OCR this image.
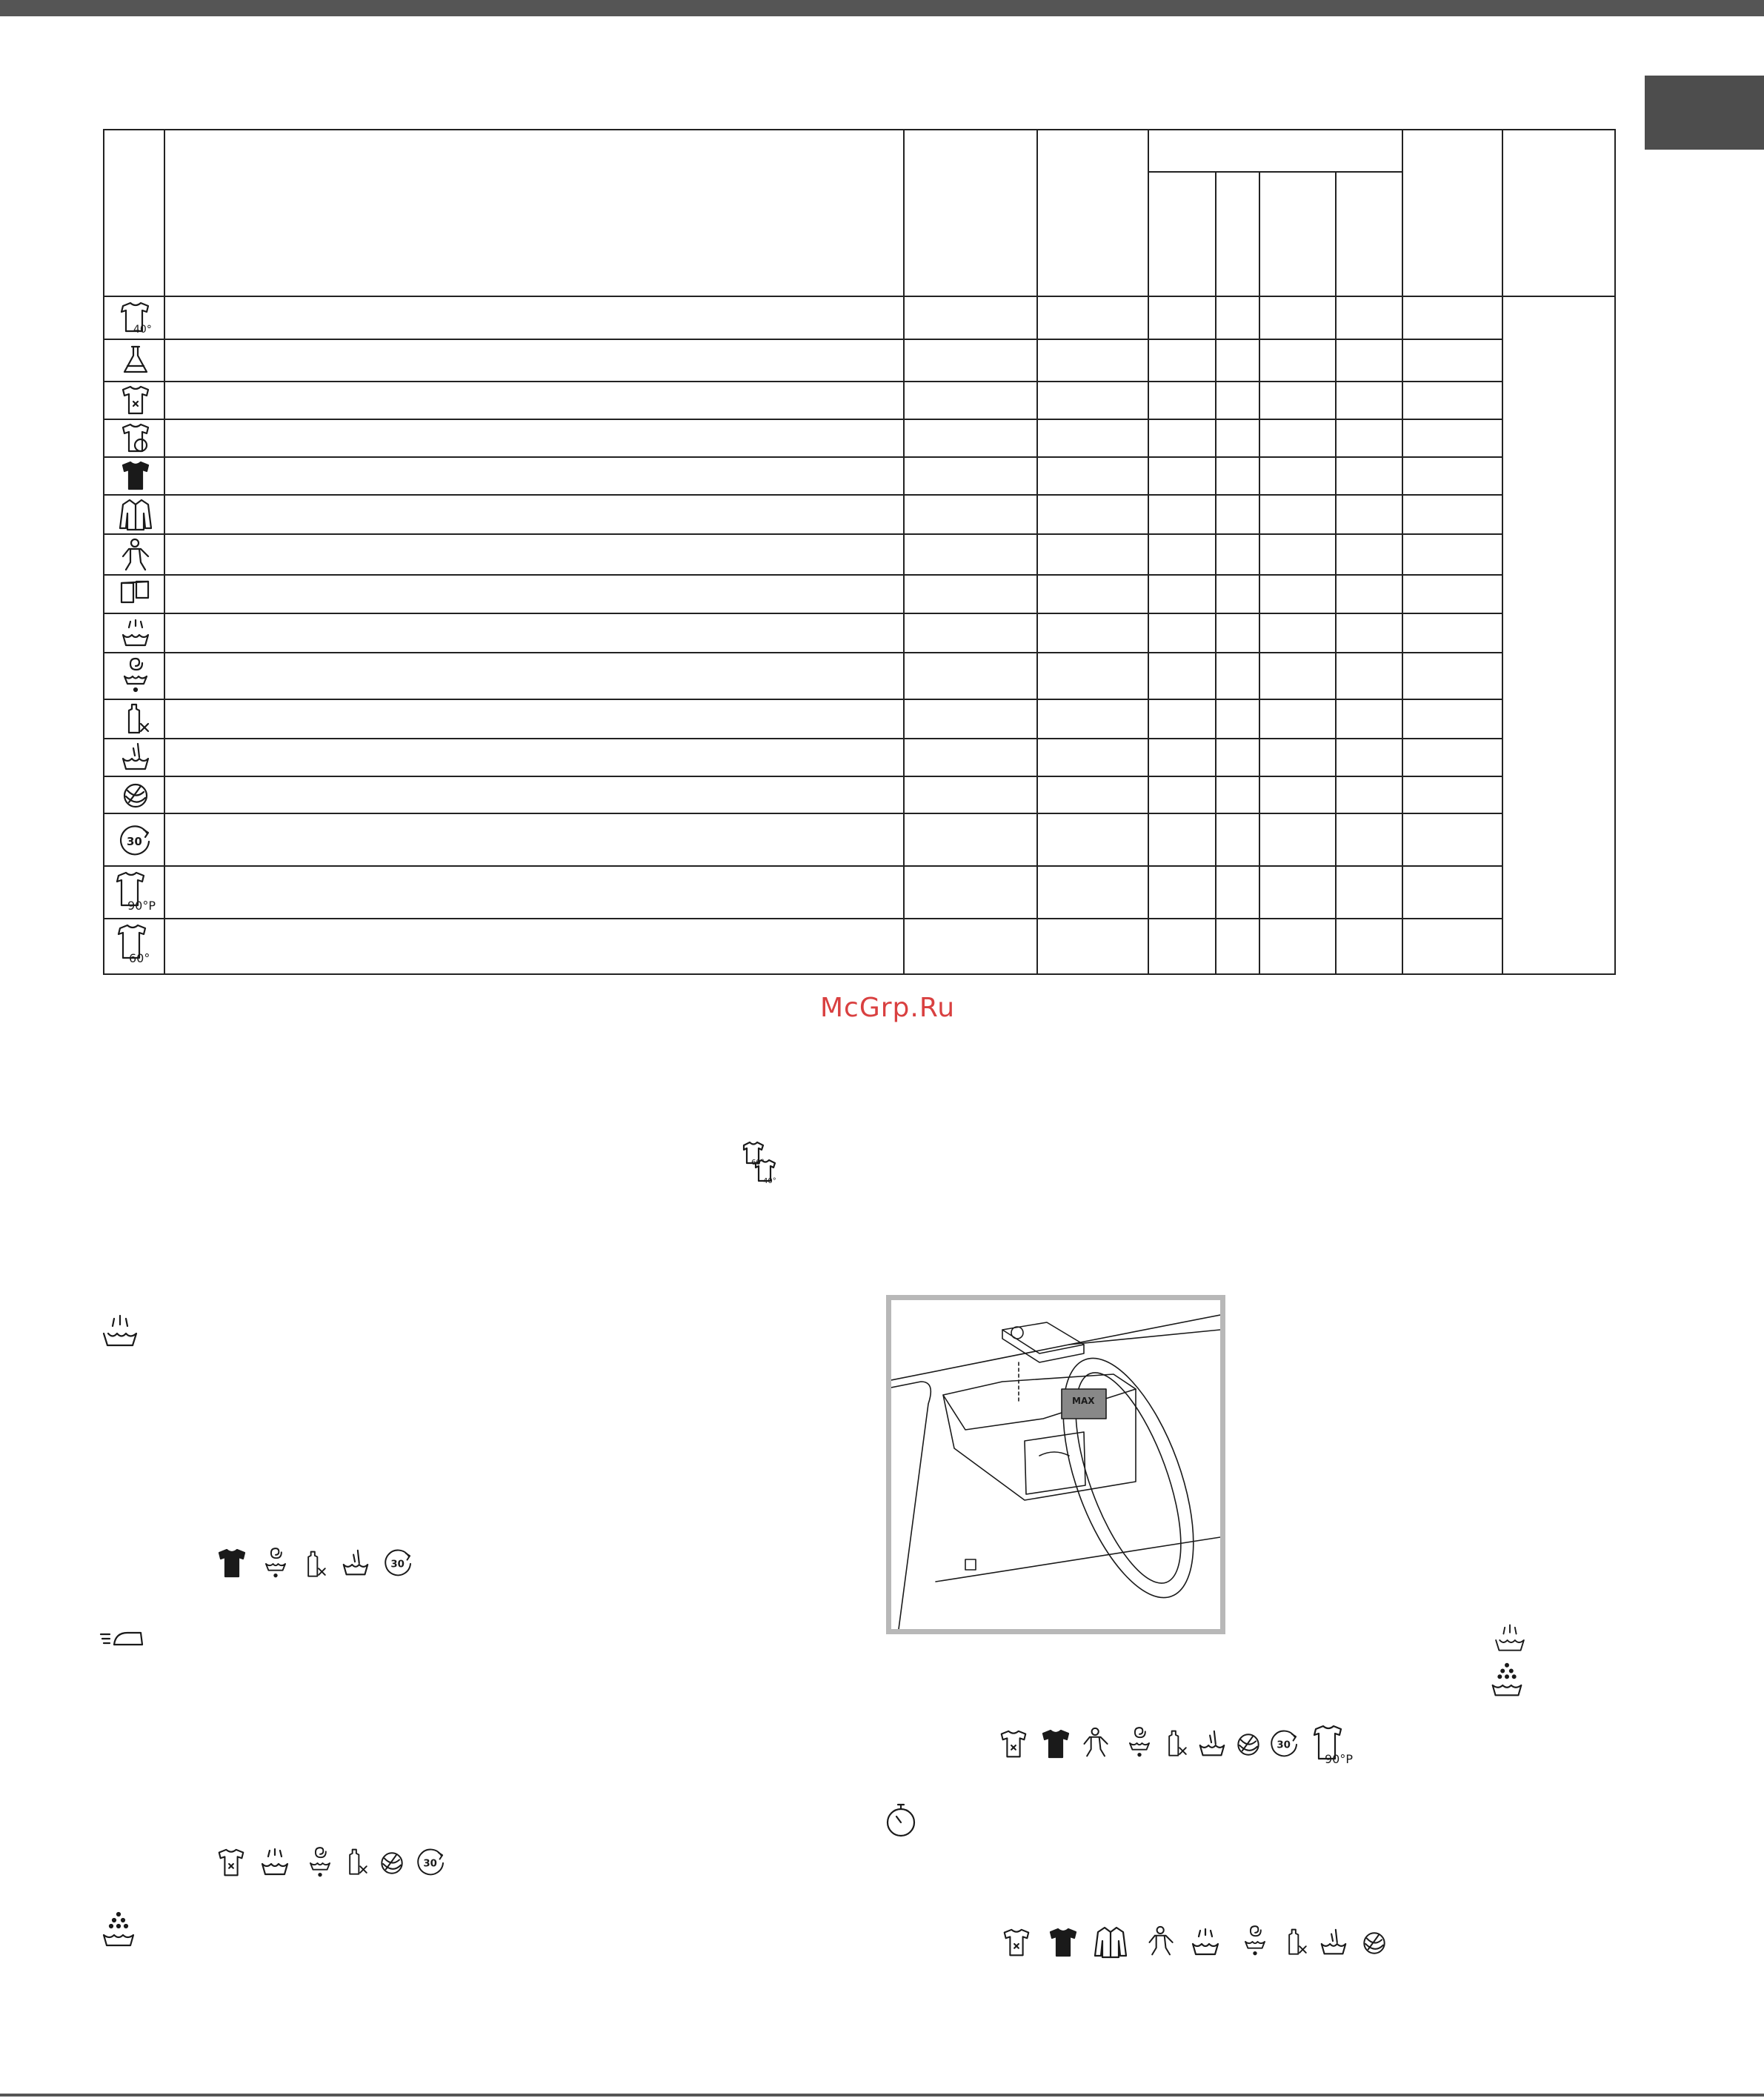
40°
30
90°P
60°
McGrp.Ru
60°
40°
30
30
MAX
30
90°P
